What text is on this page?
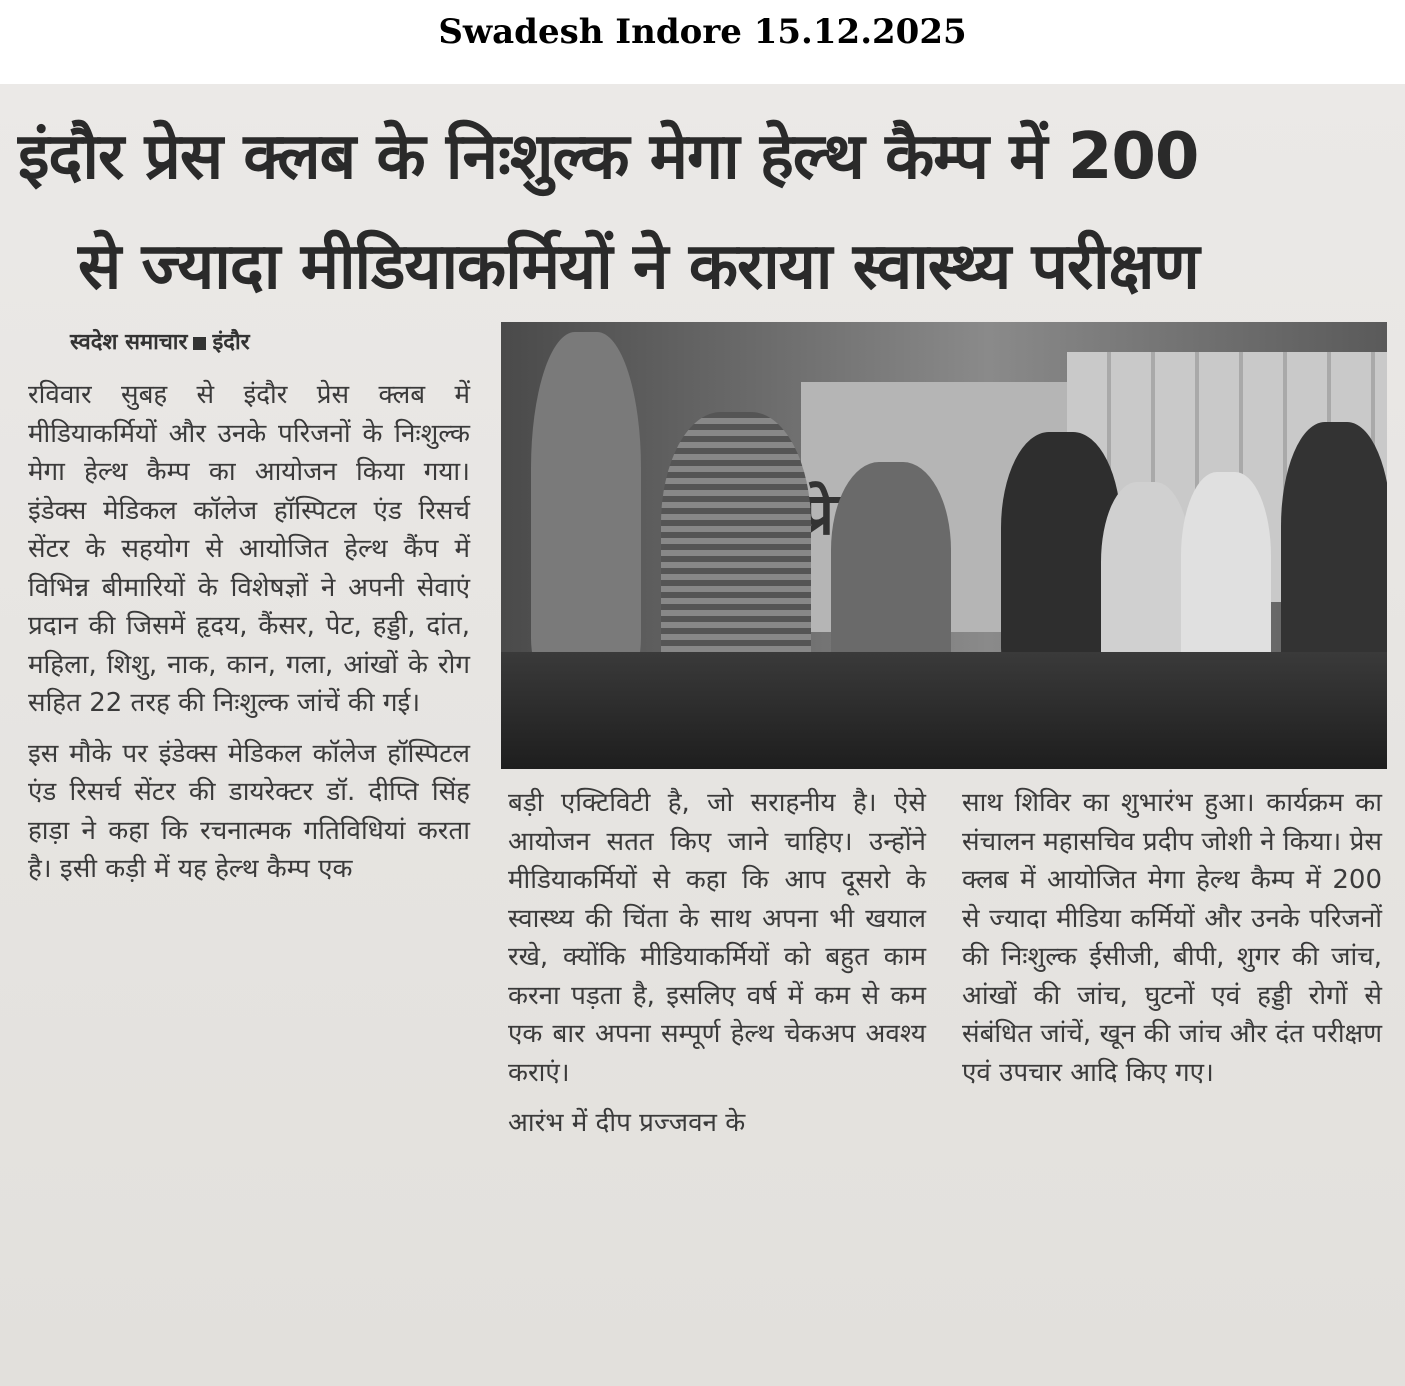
Swadesh Indore 15.12.2025
इंदौर प्रेस क्लब के निःशुल्क मेगा हेल्थ कैम्प में 200
से ज्यादा मीडियाकर्मियों ने कराया स्वास्थ्य परीक्षण
स्वदेश समाचार इंदौर

रविवार सुबह से इंदौर प्रेस क्लब में मीडियाकर्मियों और उनके परिजनों के निःशुल्क मेगा हेल्थ कैम्प का आयोजन किया गया। इंडेक्स मेडिकल कॉलेज हॉस्पिटल एंड रिसर्च सेंटर के सहयोग से आयोजित हेल्थ कैंप में विभिन्न बीमारियों के विशेषज्ञों ने अपनी सेवाएं प्रदान की जिसमें हृदय, कैंसर, पेट, हड्डी, दांत, महिला, शिशु, नाक, कान, गला, आंखों के रोग सहित 22 तरह की निःशुल्क जांचें की गई।

इस मौके पर इंडेक्स मेडिकल कॉलेज हॉस्पिटल एंड रिसर्च सेंटर की डायरेक्टर डॉ. दीप्ति सिंह हाड़ा ने कहा कि रचनात्मक गतिविधियां करता है। इसी कड़ी में यह हेल्थ कैम्प एक

बड़ी एक्टिविटी है, जो सराहनीय है। ऐसे आयोजन सतत किए जाने चाहिए। उन्होंने मीडियाकर्मियों से कहा कि आप दूसरो के स्वास्थ्य की चिंता के साथ अपना भी खयाल रखे, क्योंकि मीडियाकर्मियों को बहुत काम करना पड़ता है, इसलिए वर्ष में कम से कम एक बार अपना सम्पूर्ण हेल्थ चेकअप अवश्य कराएं।

आरंभ में दीप प्रज्जवन के

साथ शिविर का शुभारंभ हुआ। कार्यक्रम का संचालन महासचिव प्रदीप जोशी ने किया। प्रेस क्लब में आयोजित मेगा हेल्थ कैम्प में 200 से ज्यादा मीडिया कर्मियों और उनके परिजनों की निःशुल्क ईसीजी, बीपी, शुगर की जांच, आंखों की जांच, घुटनों एवं हड्डी रोगों से संबंधित जांचें, खून की जांच और दंत परीक्षण एवं उपचार आदि किए गए।
